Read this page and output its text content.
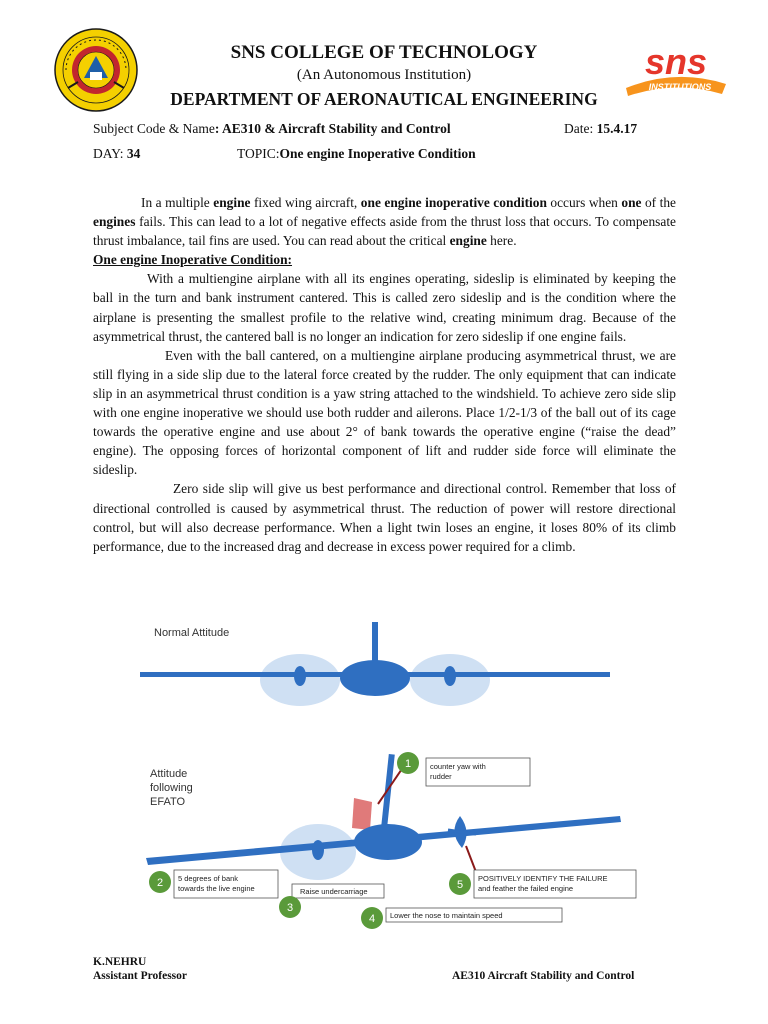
sns
INSTITUTIONS
SNS COLLEGE OF TECHNOLOGY
(An Autonomous Institution)
DEPARTMENT OF AERONAUTICAL ENGINEERING
Subject Code & Name: AE310 & Aircraft Stability and Control	Date: 15.4.17
DAY: 34	TOPIC:One engine Inoperative Condition

In a multiple engine fixed wing aircraft, one engine inoperative condition occurs when one of the engines fails. This can lead to a lot of negative effects aside from the thrust loss that occurs. To compensate thrust imbalance, tail fins are used. You can read about the critical engine here.

One engine Inoperative Condition:

With a multiengine airplane with all its engines operating, sideslip is eliminated by keeping the ball in the turn and bank instrument cantered. This is called zero sideslip and is the condition where the airplane is presenting the smallest profile to the relative wind, creating minimum drag. Because of the asymmetrical thrust, the cantered ball is no longer an indication for zero sideslip if one engine fails.

Even with the ball cantered, on a multiengine airplane producing asymmetrical thrust, we are still flying in a side slip due to the lateral force created by the rudder. The only equipment that can indicate slip in an asymmetrical thrust condition is a yaw string attached to the windshield. To achieve zero side slip with one engine inoperative we should use both rudder and ailerons. Place 1/2-1/3 of the ball out of its cage towards the operative engine and use about 2° of bank towards the operative engine (“raise the dead” engine). The opposing forces of horizontal component of lift and rudder side force will eliminate the sideslip.

Zero side slip will give us best performance and directional control. Remember that loss of directional controlled is caused by asymmetrical thrust. The reduction of power will restore directional control, but will also decrease performance. When a light twin loses an engine, it loses 80% of its climb performance, due to the increased drag and decrease in excess power required for a climb.

Normal Attitude
Attitude
following
EFATO
1	counter yaw with
rudder
2 5 degrees of bank
towards the live engine	Raise undercarriage
3
5
POSITIVELY IDENTIFY THE FAILURE
and feather the failed engine
4 Lower the nose to maintain speed
K.NEHRU
Assistant Professor	AE310 Aircraft Stability and Control
